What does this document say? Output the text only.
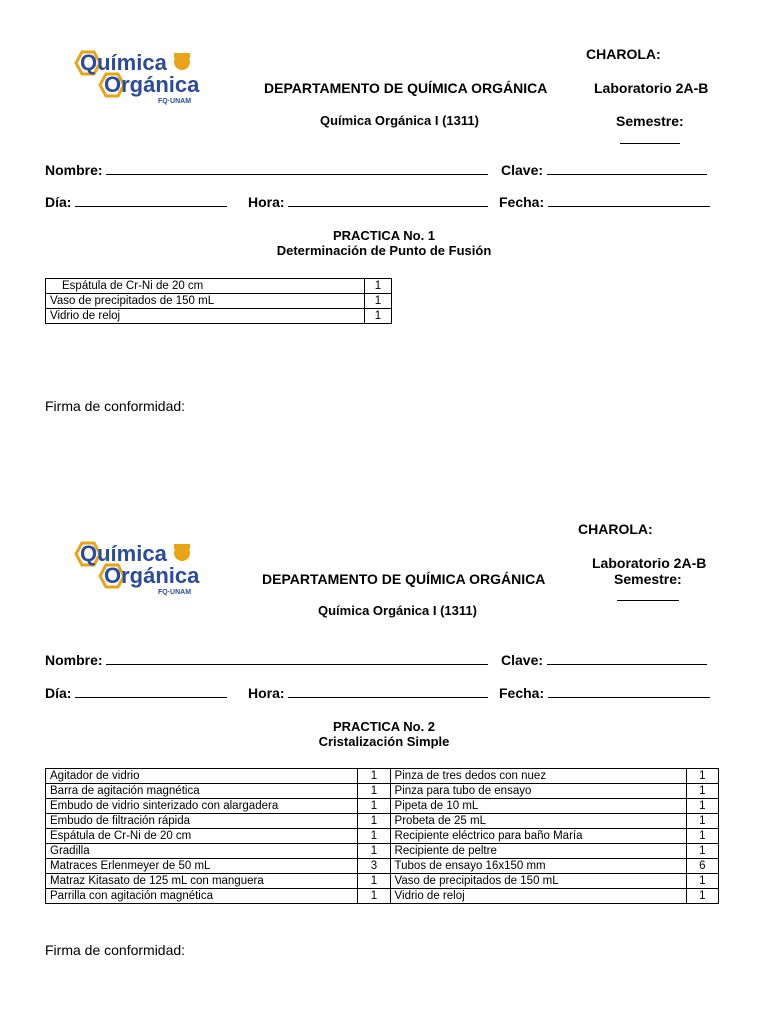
Química
Orgánica
FQ·UNAM
CHAROLA:
DEPARTAMENTO DE QUÍMICA ORGÁNICA	Laboratorio 2A-B
Química Orgánica I (1311)	Semestre:
Nombre:	Clave:
Día:	Hora:	Fecha:
PRACTICA No. 1
Determinación de Punto de Fusión
Espátula de Cr-Ni de 20 cm	1
Vaso de precipitados de 150 mL	1
Vidrio de reloj	1
Firma de conformidad:
Química
Orgánica
FQ·UNAM
CHAROLA:
Laboratorio 2A-B
DEPARTAMENTO DE QUÍMICA ORGÁNICA	Semestre:
Química Orgánica I (1311)
Nombre:	Clave:
Día:	Hora:	Fecha:
PRACTICA No. 2
Cristalización Simple
Agitador de vidrio	1	Pinza de tres dedos con nuez	1
Barra de agitación magnética	1	Pinza para tubo de ensayo	1
Embudo de vidrio sinterizado con alargadera	1	Pipeta de 10 mL	1
Embudo de filtración rápida	1	Probeta de 25 mL	1
Espátula de Cr-Ni de 20 cm	1	Recipiente eléctrico para baño María	1
Gradilla	1	Recipiente de peltre	1
Matraces Erlenmeyer de 50 mL	3	Tubos de ensayo 16x150 mm	6
Matraz Kitasato de 125 mL con manguera	1	Vaso de precipitados de 150 mL	1
Parrilla con agitación magnética	1	Vidrio de reloj	1
Firma de conformidad:
